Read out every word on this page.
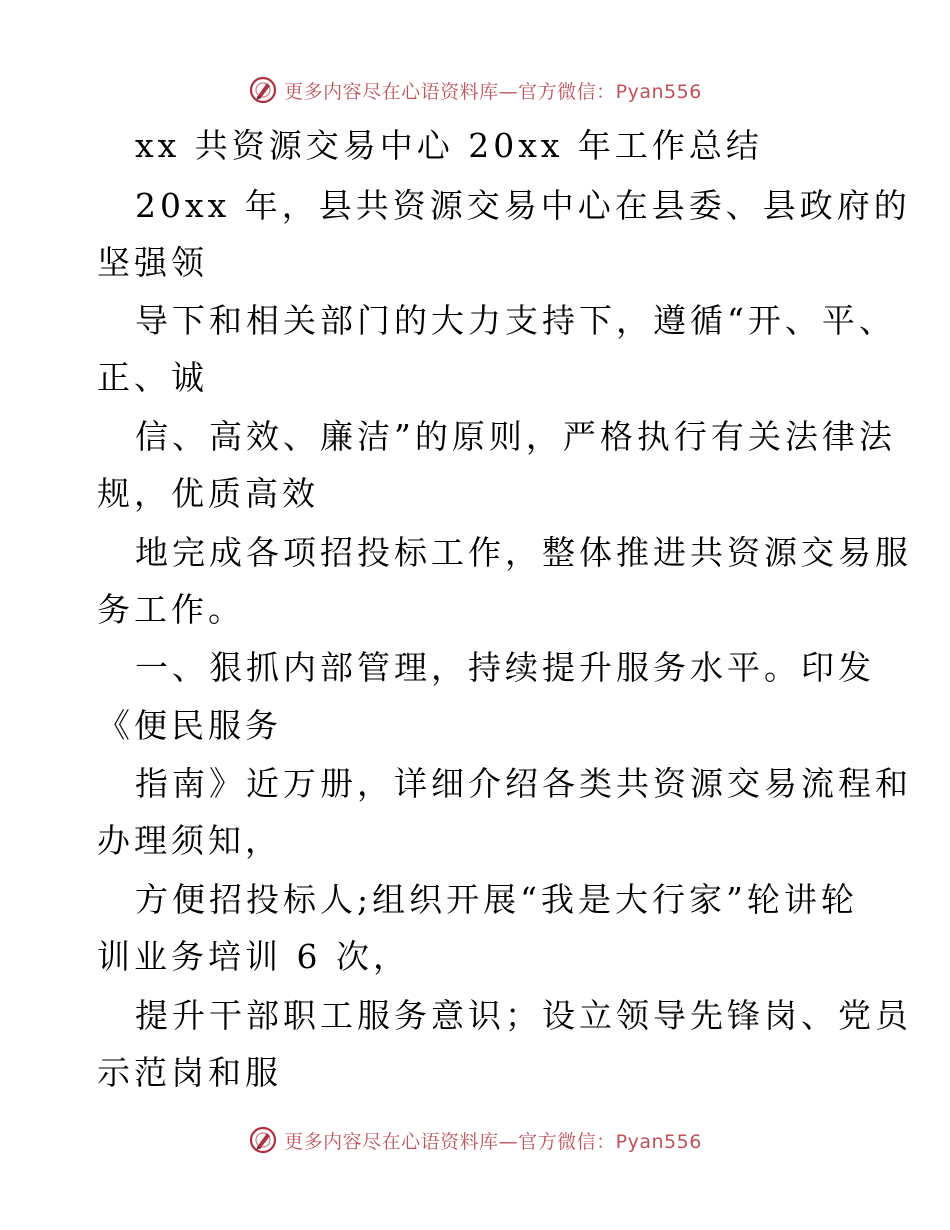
更多内容尽在心语资料库—官方微信：Pyan556

xx 共资源交易中心 20xx 年工作总结

20xx 年，县共资源交易中心在县委、县政府的

坚强领

导下和相关部门的大力支持下，遵循“开、平、

正、诚

信、高效、廉洁”的原则，严格执行有关法律法

规，优质高效

地完成各项招投标工作，整体推进共资源交易服

务工作。

一、狠抓内部管理，持续提升服务水平。印发

《便民服务

指南》近万册，详细介绍各类共资源交易流程和

办理须知，

方便招投标人;组织开展“我是大行家”轮讲轮

训业务培训 6 次，

提升干部职工服务意识；设立领导先锋岗、党员

示范岗和服

更多内容尽在心语资料库—官方微信：Pyan556
